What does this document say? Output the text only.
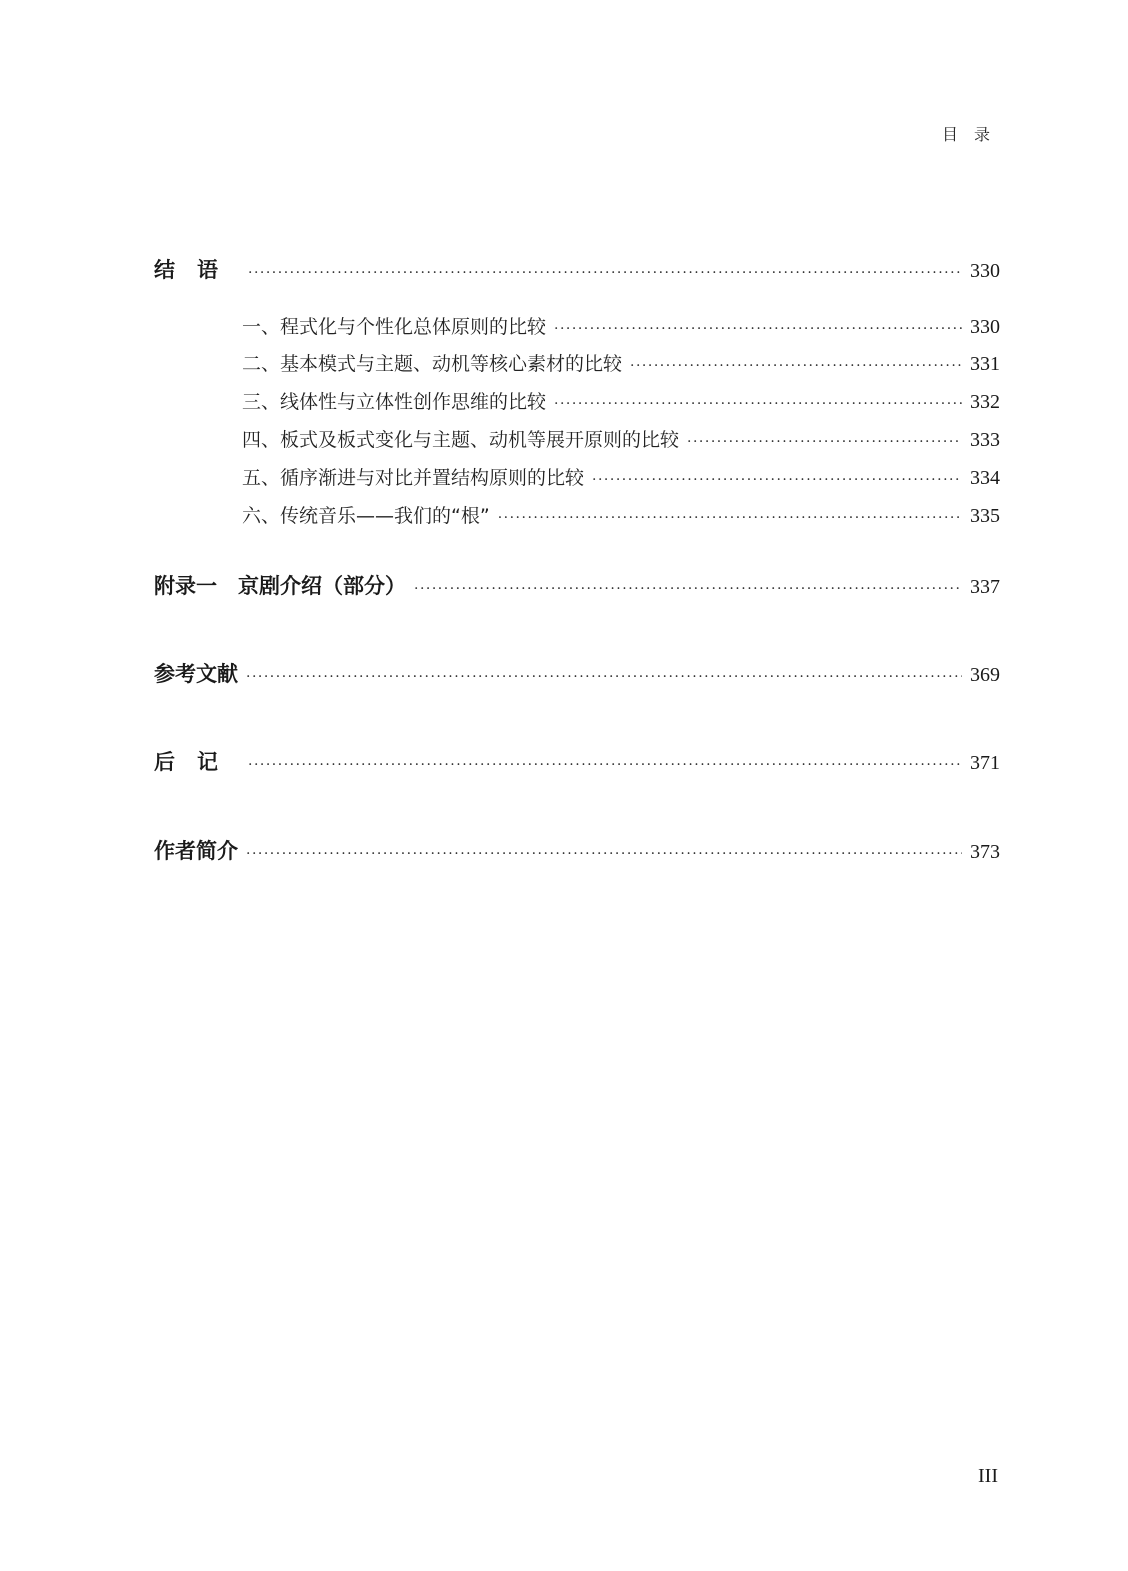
目录
结语 ·····	330
一、程式化与个性化总体原则的比较 ·····	330
二、基本模式与主题、动机等核心素材的比较 ·····	331
三、线体性与立体性创作思维的比较 ·····	332
四、板式及板式变化与主题、动机等展开原则的比较 ·····	333
五、循序渐进与对比并置结构原则的比较 ·····	334
六、传统音乐——我们的“根” ·····	335
附录一　京剧介绍（部分） ·····	337
参考文献 ·····	369
后记 ·····	371
作者简介 ·····	373
III
